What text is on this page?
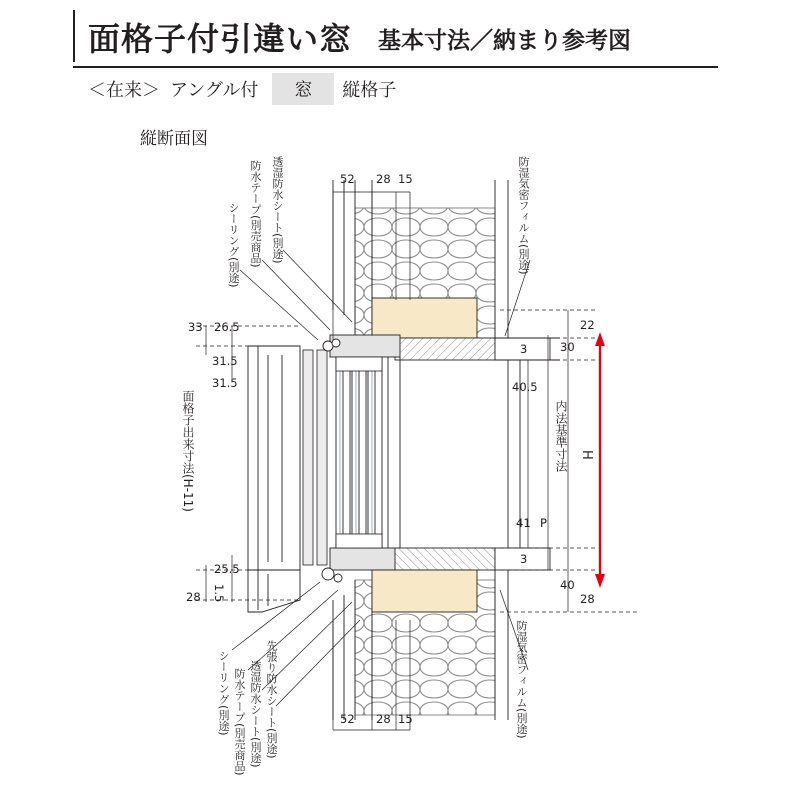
面格子付引違い窓 基本寸法／納まり参考図
＜在来＞ アングル付	窓	縦格子
縦断面図
シーリング(別途) 防水テープ(別売商品) 透湿防水シート(別途)	防湿気密フィルム(別途)
シーリング(別途) 防水テープ(別売商品) 透湿防水シート(別途) 先張り防水シート(別途)	防湿気密フィルム(別途)
面格子出来寸法(H-11)	内法基準寸法 H
52 28 15
52 28 15
33 26.5
31.5
25.5
28 1.5
22
30
3
40.5
41 P
3
40
28
31.5
